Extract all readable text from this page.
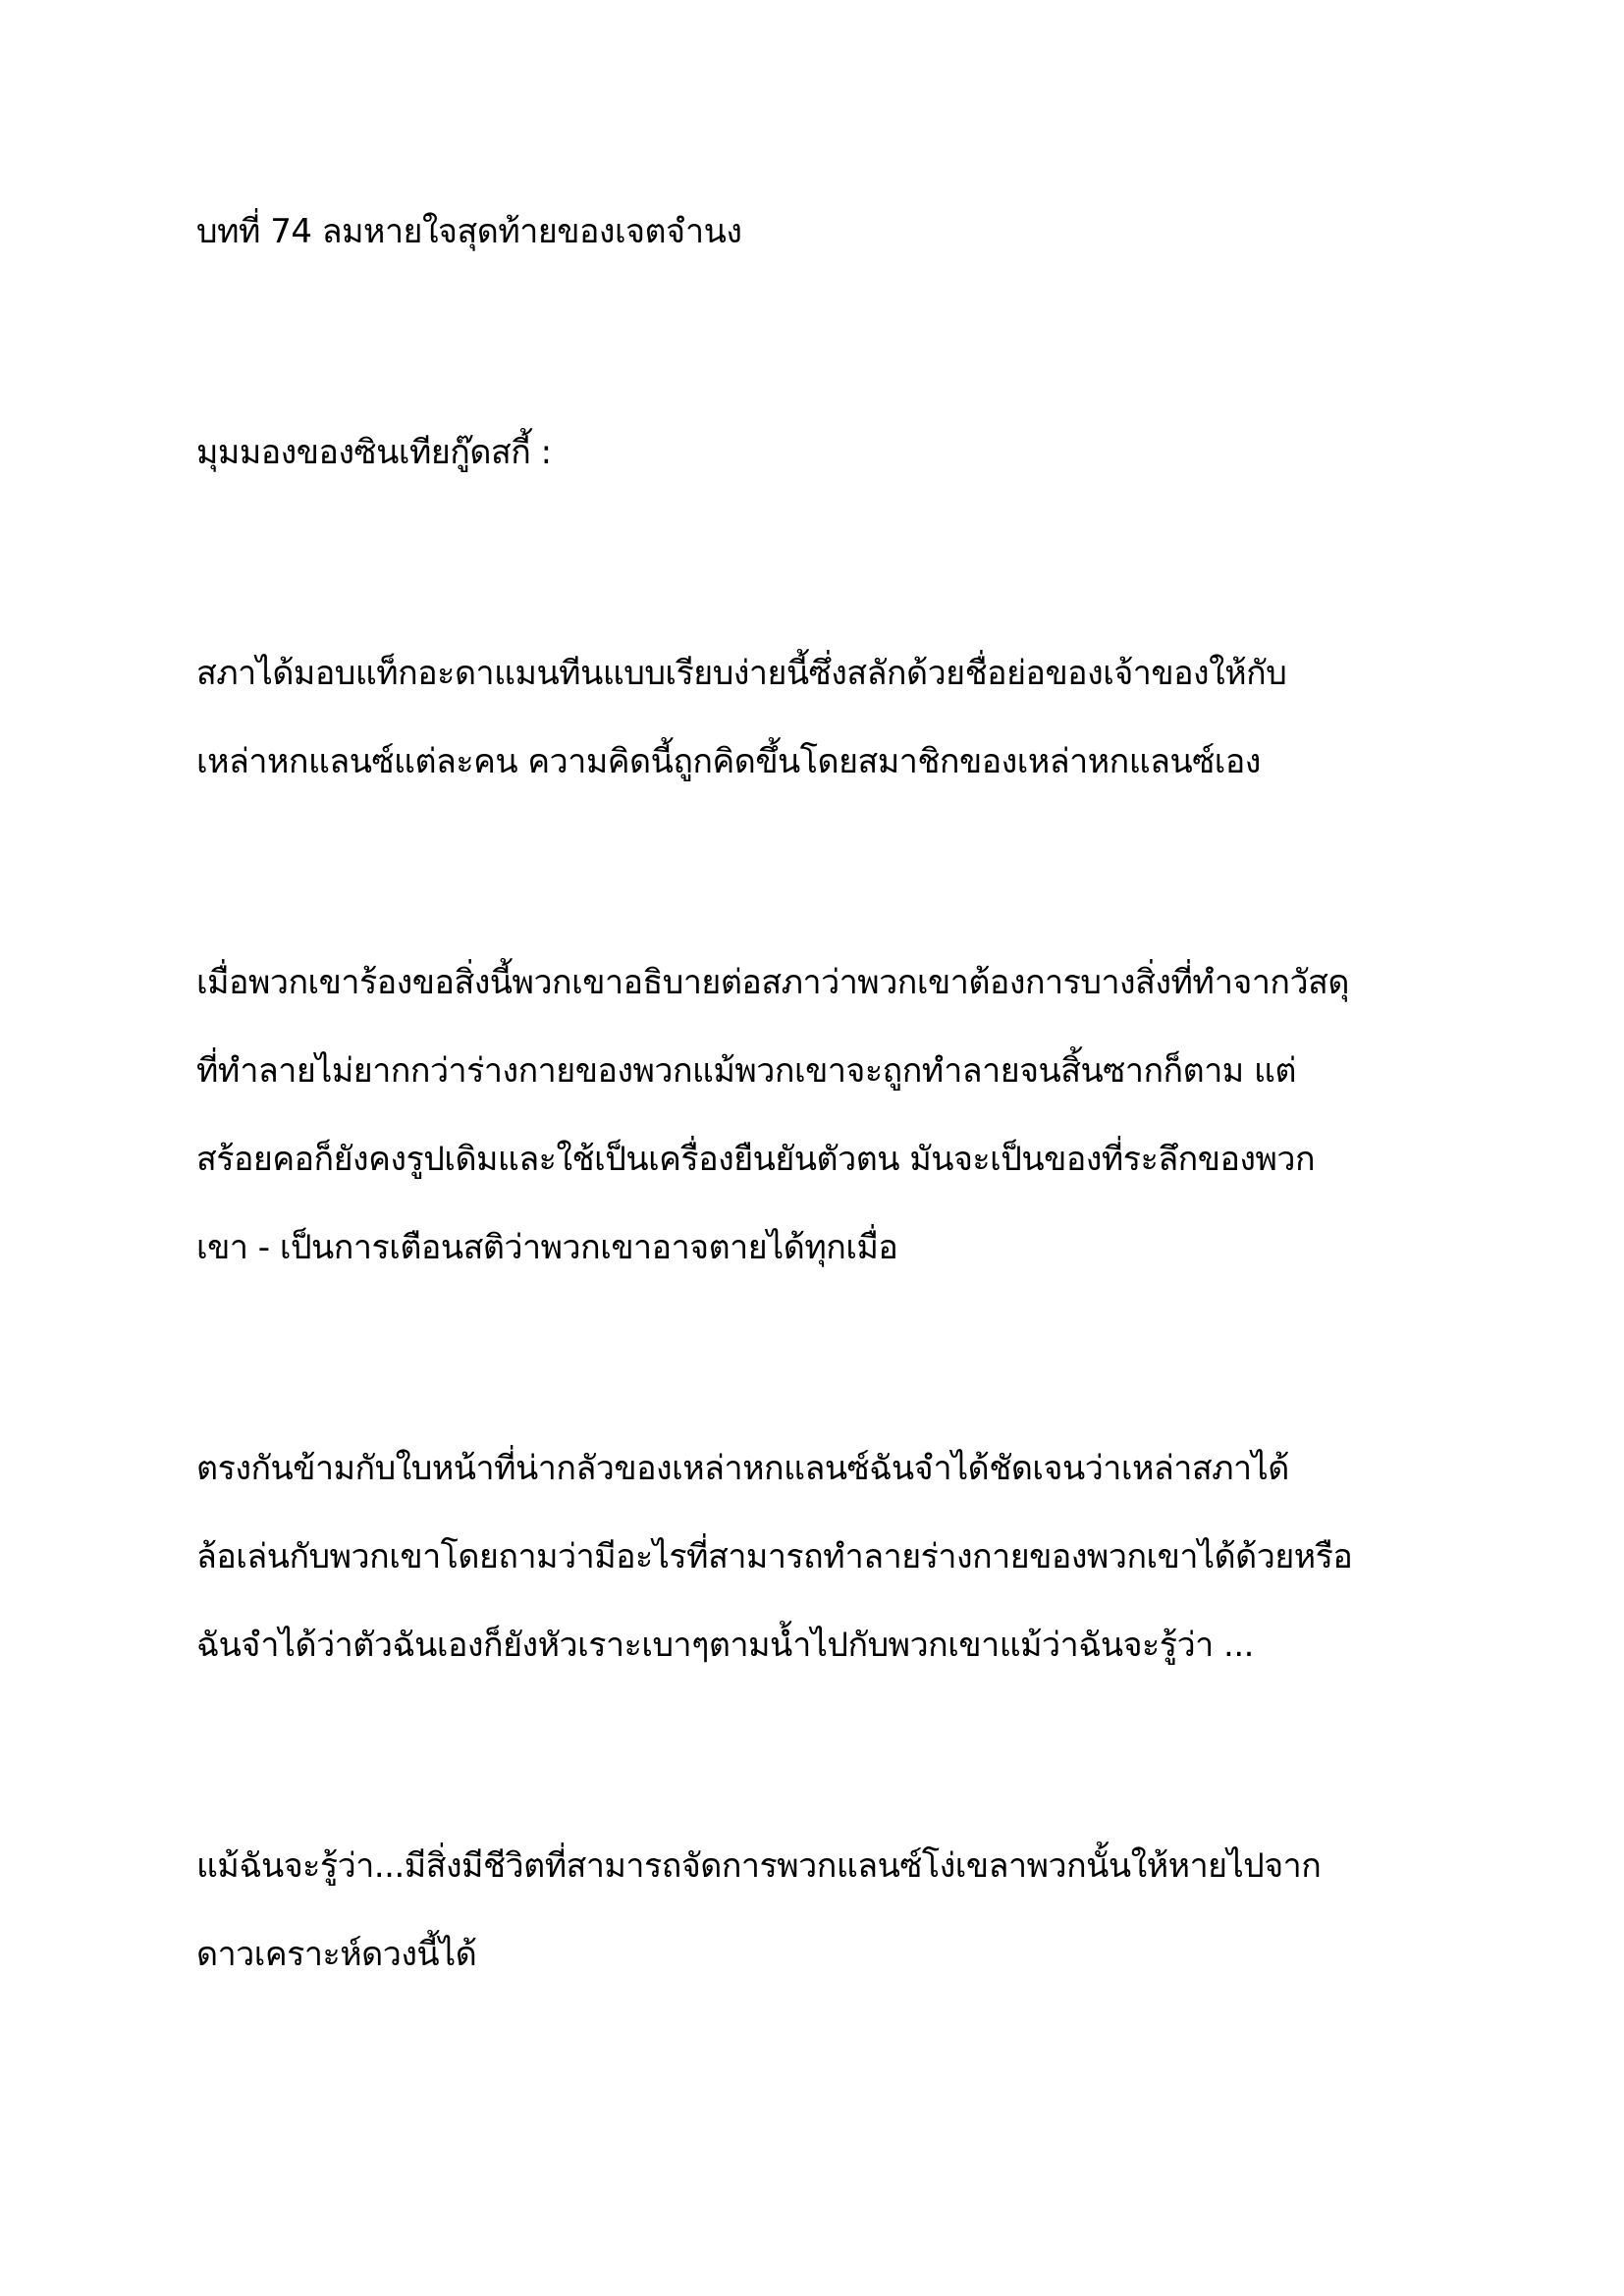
บทที่ 74 ลมหายใจสุดท้ายของเจตจำนง

มุมมองของซินเทียกู๊ดสกี้ :

สภาได้มอบแท็กอะดาแมนทีนแบบเรียบง่ายนี้ซึ่งสลักด้วยชื่อย่อของเจ้าของให้กับ

เหล่าหกแลนซ์แต่ละคน ความคิดนี้ถูกคิดขึ้นโดยสมาชิกของเหล่าหกแลนซ์เอง

เมื่อพวกเขาร้องขอสิ่งนี้พวกเขาอธิบายต่อสภาว่าพวกเขาต้องการบางสิ่งที่ทำจากวัสดุ

ที่ทำลายไม่ยากกว่าร่างกายของพวกแม้พวกเขาจะถูกทำลายจนสิ้นซากก็ตาม แต่

สร้อยคอก็ยังคงรูปเดิมและใช้เป็นเครื่องยืนยันตัวตน มันจะเป็นของที่ระลึกของพวก

เขา - เป็นการเตือนสติว่าพวกเขาอาจตายได้ทุกเมื่อ

ตรงกันข้ามกับใบหน้าที่น่ากลัวของเหล่าหกแลนซ์ฉันจำได้ชัดเจนว่าเหล่าสภาได้

ล้อเล่นกับพวกเขาโดยถามว่ามีอะไรที่สามารถทำลายร่างกายของพวกเขาได้ด้วยหรือ

ฉันจำได้ว่าตัวฉันเองก็ยังหัวเราะเบาๆตามน้ำไปกับพวกเขาแม้ว่าฉันจะรู้ว่า ...

แม้ฉันจะรู้ว่า...มีสิ่งมีชีวิตที่สามารถจัดการพวกแลนซ์โง่เขลาพวกนั้นให้หายไปจาก

ดาวเคราะห์ดวงนี้ได้
